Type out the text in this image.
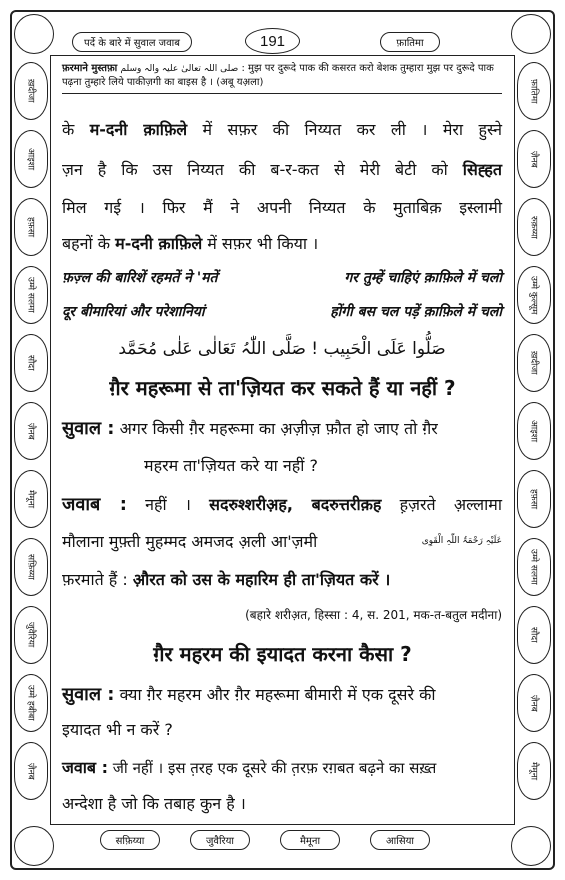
पर्दे के बारे में सुवाल जवाब	191	फ़ातिमा
ख़दीजा
आइशा
हफ़सा
उम्मे सलमा
सौदा
ज़ैनब
मैमूना
सफ़िय्या
जुवैरिया
उम्मे हबीबा
ज़ैनब
फ़ातिमा
ज़ैनब
रुक़य्या
उम्मे कुल्सूम
ख़दीजा
आइशा
हफ़सा
उम्मे सलमा
सौदा
ज़ैनब
मैमूना
फ़रमाने मुस्तफ़ा صلی اللہ تعالیٰ علیہ والہ وسلم : मुझ पर दुरूदे पाक की कसरत करो बेशक तुम्हारा मुझ पर दुरूदे पाक पढ़ना तुम्हारे लिये पाकीज़गी का बाइस है । (अबू यअ़ला)
के म-दनी क़ाफ़िले में सफ़र की निय्यत कर ली । मेरा हुस्ने
ज़न है कि उस निय्यत की ब-र-कत से मेरी बेटी को सिह्हत
मिल गई । फिर मैं ने अपनी निय्यत के मुताबिक़ इस्लामी
बहनों के म-दनी क़ाफ़िले में सफ़र भी किया ।
फ़ज़्ल की बारिशें रहमतें ने 'मतें	गर तुम्हें चाहिएं क़ाफ़िले में चलो
दूर बीमारियां और परेशानियां	होंगी बस चल पड़ें क़ाफ़िले में चलो
صَلُّوا عَلَی الْحَبِیب ! صَلَّی اللّٰہُ تَعَالٰی عَلٰی مُحَمَّد
ग़ैर महरूमा से ता'ज़ियत कर सकते हैं या नहीं ?
सुवाल : अगर किसी ग़ैर महरूमा का अ़ज़ीज़ फ़ौत हो जाए तो ग़ैर
महरम ता'ज़ियत करे या नहीं ?
जवाब : नहीं । सदरुश्शरीअ़ह, बदरुत्तरीक़ह ह़ज़रते अ़ल्लामा
मौलाना मुफ़्ती मुहम्मद अमजद अ़ली आ'ज़मी	عَلَیْہِ رَحْمَۃُ اللّٰہِ الْقَوِی
फ़रमाते हैं : औ़रत को उस के महारिम ही ता'ज़ियत करें ।
(बहारे शरीअ़त, हिस्सा : 4, स. 201, मक-त-बतुल मदीना)
ग़ैर महरम की इयादत करना कैसा ?
सुवाल : क्या ग़ैर महरम और ग़ैर महरूमा बीमारी में एक दूसरे की
इयादत भी न करें ?
जवाब : जी नहीं । इस त़रह एक दूसरे की त़रफ़ रग़बत बढ़ने का सख़्त
अन्देशा है जो कि तबाह कुन है ।
सफ़िय्या	जुवैरिया	मैमूना	आसिया
